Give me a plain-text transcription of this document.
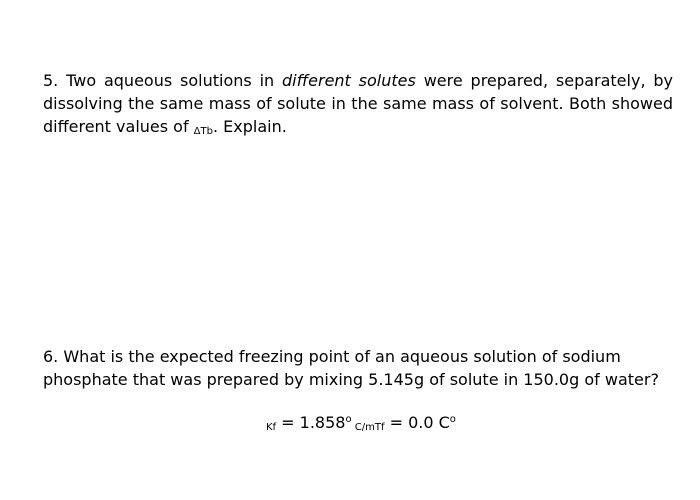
5. Two aqueous solutions in different solutes were prepared, separately, by dissolving the same mass of solute in the same mass of solvent. Both showed different values of $_{\Delta Tb}$. Explain.
6. What is the expected freezing point of an aqueous solution of sodium phosphate that was prepared by mixing 5.145g of solute in 150.0g of water?
$Kf = 1.858^o$ C/mTf = 0.0 $C^o$
